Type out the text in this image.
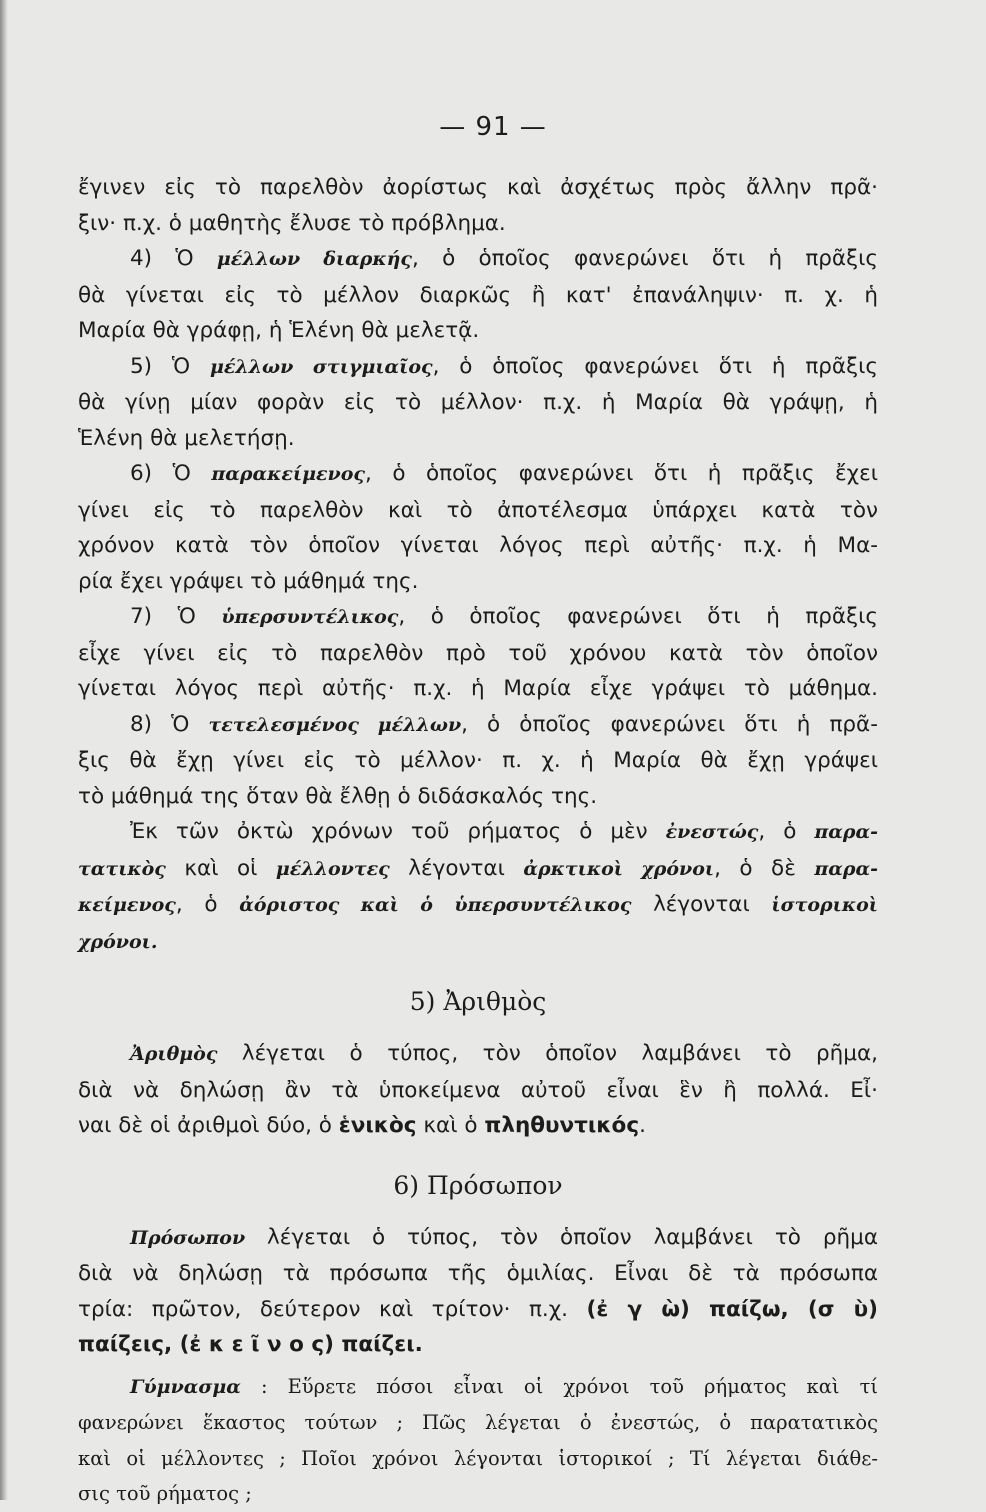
— 91 —
ἔγινεν εἰς τὸ παρελθὸν ἀορίστως καὶ ἀσχέτως πρὸς ἄλλην πρᾶ·
ξιν· π.χ. ὁ μαθητὴς ἔλυσε τὸ πρόβλημα.
4) Ὁ μέλλων διαρκής, ὁ ὁποῖος φανερώνει ὅτι ἡ πρᾶξις
θὰ γίνεται εἰς τὸ μέλλον διαρκῶς ἢ κατ' ἐπανάληψιν· π. χ. ἡ
Μαρία θὰ γράφῃ, ἡ Ἑλένη θὰ μελετᾷ.
5) Ὁ μέλλων στιγμιαῖος, ὁ ὁποῖος φανερώνει ὅτι ἡ πρᾶξις
θὰ γίνῃ μίαν φορὰν εἰς τὸ μέλλον· π.χ. ἡ Μαρία θὰ γράψῃ, ἡ
Ἑλένη θὰ μελετήσῃ.
6) Ὁ παρακείμενος, ὁ ὁποῖος φανερώνει ὅτι ἡ πρᾶξις ἔχει
γίνει εἰς τὸ παρελθὸν καὶ τὸ ἀποτέλεσμα ὑπάρχει κατὰ τὸν
χρόνον κατὰ τὸν ὁποῖον γίνεται λόγος περὶ αὐτῆς· π.χ. ἡ Μα-
ρία ἔχει γράψει τὸ μάθημά της.
7) Ὁ ὑπερσυντέλικος, ὁ ὁποῖος φανερώνει ὅτι ἡ πρᾶξις
εἶχε γίνει εἰς τὸ παρελθὸν πρὸ τοῦ χρόνου κατὰ τὸν ὁποῖον
γίνεται λόγος περὶ αὐτῆς· π.χ. ἡ Μαρία εἶχε γράψει τὸ μάθημα.
8) Ὁ τετελεσμένος μέλλων, ὁ ὁποῖος φανερώνει ὅτι ἡ πρᾶ-
ξις θὰ ἔχῃ γίνει εἰς τὸ μέλλον· π. χ. ἡ Μαρία θὰ ἔχῃ γράψει
τὸ μάθημά της ὅταν θὰ ἔλθῃ ὁ διδάσκαλός της.
Ἐκ τῶν ὀκτὼ χρόνων τοῦ ρήματος ὁ μὲν ἐνεστώς, ὁ παρα-
τατικὸς καὶ οἱ μέλλοντες λέγονται ἀρκτικοὶ χρόνοι, ὁ δὲ παρα-
κείμενος, ὁ ἀόριστος καὶ ὁ ὑπερσυντέλικος λέγονται ἱστορικοὶ
χρόνοι.
5) Ἀριθμὸς
Ἀριθμὸς λέγεται ὁ τύπος, τὸν ὁποῖον λαμβάνει τὸ ρῆμα,
διὰ νὰ δηλώσῃ ἂν τὰ ὑποκείμενα αὐτοῦ εἶναι ἓν ἢ πολλά. Εἶ·
ναι δὲ οἱ ἀριθμοὶ δύο, ὁ ἑνικὸς καὶ ὁ πληθυντικός.
6) Πρόσωπον
Πρόσωπον λέγεται ὁ τύπος, τὸν ὁποῖον λαμβάνει τὸ ρῆμα
διὰ νὰ δηλώσῃ τὰ πρόσωπα τῆς ὁμιλίας. Εἶναι δὲ τὰ πρόσωπα
τρία: πρῶτον, δεύτερον καὶ τρίτον· π.χ. (ἐ γ ὼ) παίζω, (σ ὺ)
παίζεις, (ἐ κ ε ῖ ν ο ς) παίζει.
Γύμνασμα : Εὕρετε πόσοι εἶναι οἱ χρόνοι τοῦ ρήματος καὶ τί
φανερώνει ἕκαστος τούτων ; Πῶς λέγεται ὁ ἐνεστώς, ὁ παρατατικὸς
καὶ οἱ μέλλοντες ; Ποῖοι χρόνοι λέγονται ἱστορικοί ; Τί λέγεται διάθε-
σις τοῦ ρήματος ;
